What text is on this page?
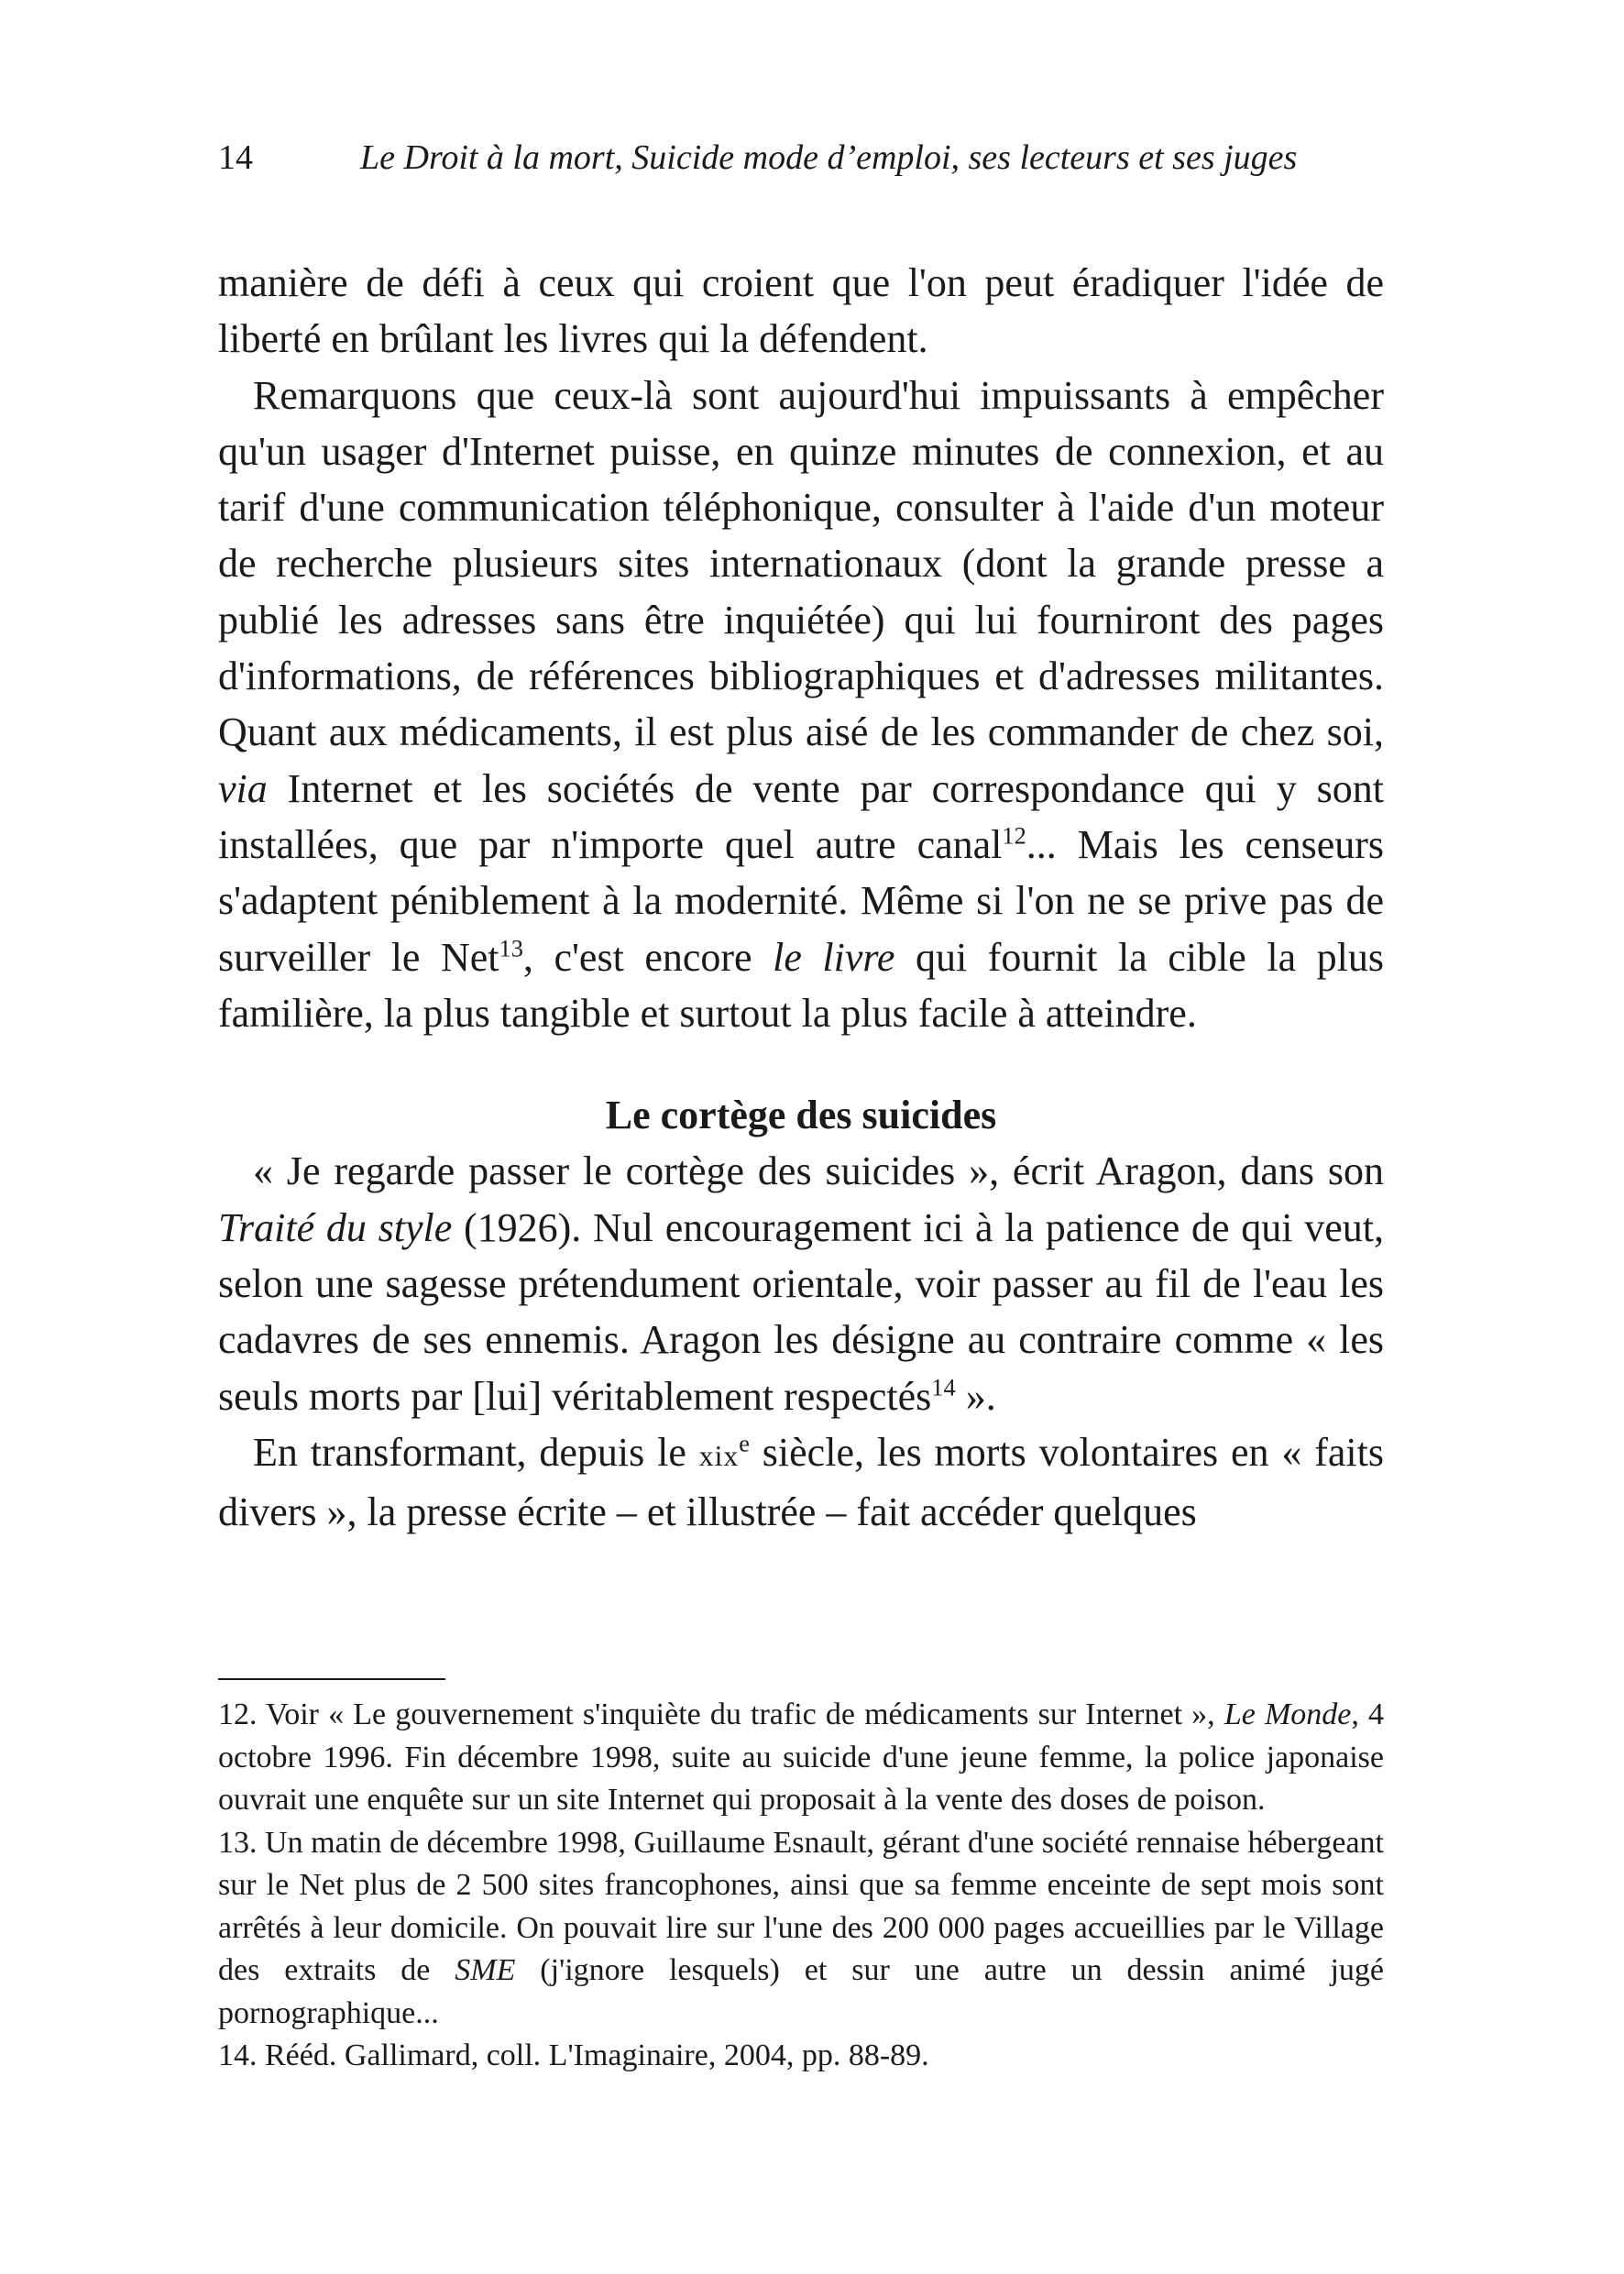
14	Le Droit à la mort, Suicide mode d’emploi, ses lecteurs et ses juges

manière de défi à ceux qui croient que l'on peut éradiquer l'idée de liberté en brûlant les livres qui la défendent.

Remarquons que ceux-là sont aujourd'hui impuissants à empêcher qu'un usager d'Internet puisse, en quinze minutes de connexion, et au tarif d'une communication téléphonique, consulter à l'aide d'un moteur de recherche plusieurs sites internationaux (dont la grande presse a publié les adresses sans être inquiétée) qui lui fourniront des pages d'informations, de références bibliographiques et d'adresses militantes. Quant aux médicaments, il est plus aisé de les commander de chez soi, via Internet et les sociétés de vente par correspondance qui y sont installées, que par n'importe quel autre canal$^{12}$... Mais les censeurs s'adaptent péniblement à la modernité. Même si l'on ne se prive pas de surveiller le Net$^{13}$, c'est encore le livre qui fournit la cible la plus familière, la plus tangible et surtout la plus facile à atteindre.

Le cortège des suicides

« Je regarde passer le cortège des suicides », écrit Aragon, dans son Traité du style (1926). Nul encouragement ici à la patience de qui veut, selon une sagesse prétendument orientale, voir passer au fil de l'eau les cadavres de ses ennemis. Aragon les désigne au contraire comme « les seuls morts par [lui] véritablement respectés$^{14}$ ».

En transformant, depuis le xix$^e$ siècle, les morts volontaires en « faits divers », la presse écrite – et illustrée – fait accéder quelques

12. Voir « Le gouvernement s'inquiète du trafic de médicaments sur Internet », Le Monde, 4 octobre 1996. Fin décembre 1998, suite au suicide d'une jeune femme, la police japonaise ouvrait une enquête sur un site Internet qui proposait à la vente des doses de poison.

13. Un matin de décembre 1998, Guillaume Esnault, gérant d'une société rennaise hébergeant sur le Net plus de 2 500 sites francophones, ainsi que sa femme enceinte de sept mois sont arrêtés à leur domicile. On pouvait lire sur l'une des 200 000 pages accueillies par le Village des extraits de SME (j'ignore lesquels) et sur une autre un dessin animé jugé pornographique...

14. Rééd. Gallimard, coll. L'Imaginaire, 2004, pp. 88-89.
